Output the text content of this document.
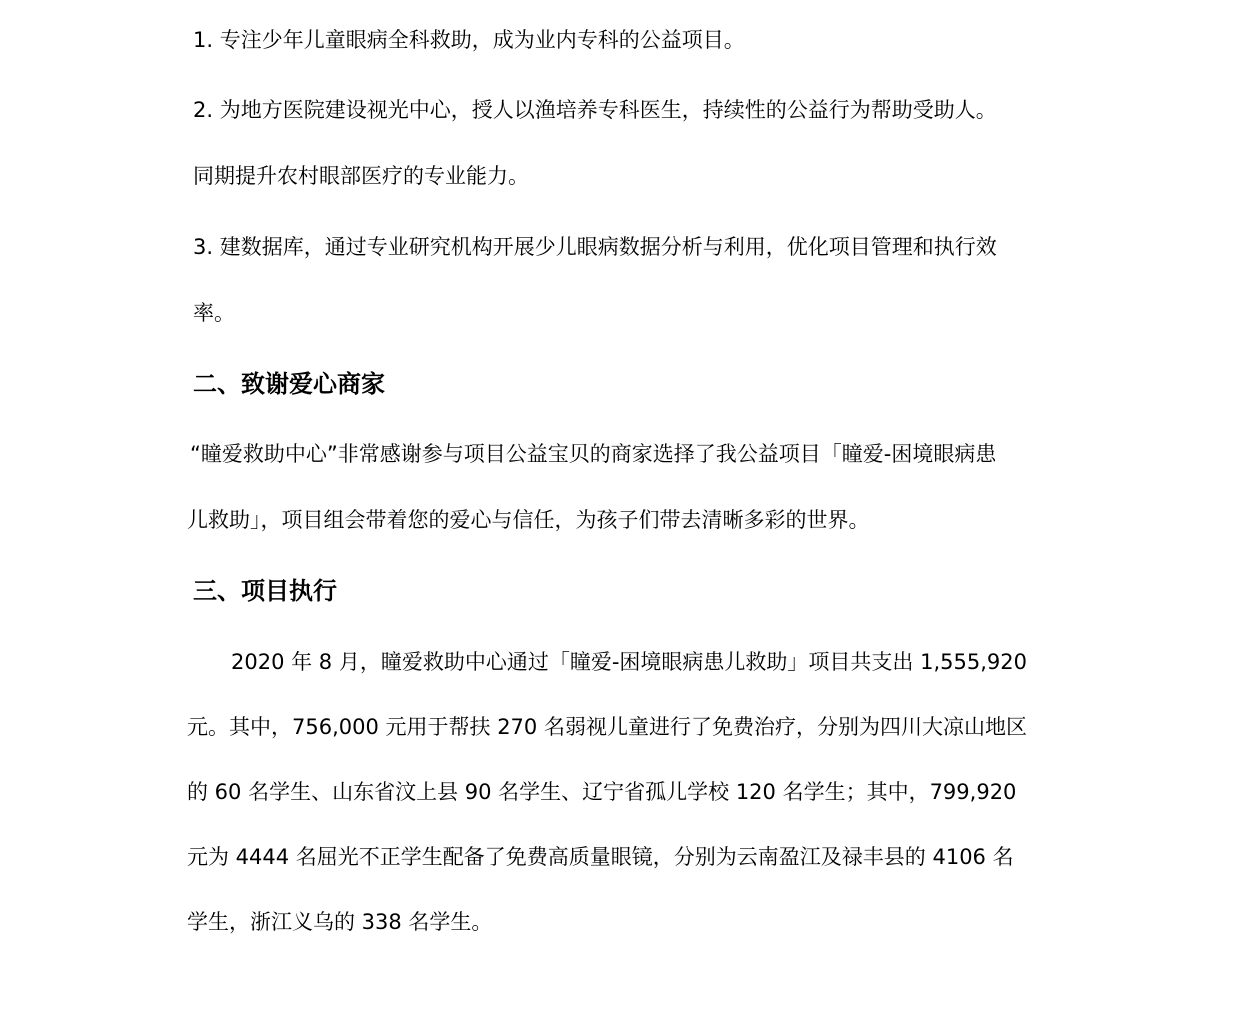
1. 专注少年儿童眼病全科救助，成为业内专科的公益项目。
2. 为地方医院建设视光中心，授人以渔培养专科医生，持续性的公益行为帮助受助人。
同期提升农村眼部医疗的专业能力。
3. 建数据库，通过专业研究机构开展少儿眼病数据分析与利用，优化项目管理和执行效
率。
二、致谢爱心商家
“瞳爱救助中心”非常感谢参与项目公益宝贝的商家选择了我公益项目「瞳爱-困境眼病患
儿救助」，项目组会带着您的爱心与信任，为孩子们带去清晰多彩的世界。
三、项目执行
2020 年 8 月，瞳爱救助中心通过「瞳爱-困境眼病患儿救助」项目共支出 1,555,920
元。其中，756,000 元用于帮扶 270 名弱视儿童进行了免费治疗，分别为四川大凉山地区
的 60 名学生、山东省汶上县 90 名学生、辽宁省孤儿学校 120 名学生；其中，799,920
元为 4444 名屈光不正学生配备了免费高质量眼镜，分别为云南盈江及禄丰县的 4106 名
学生，浙江义乌的 338 名学生。
